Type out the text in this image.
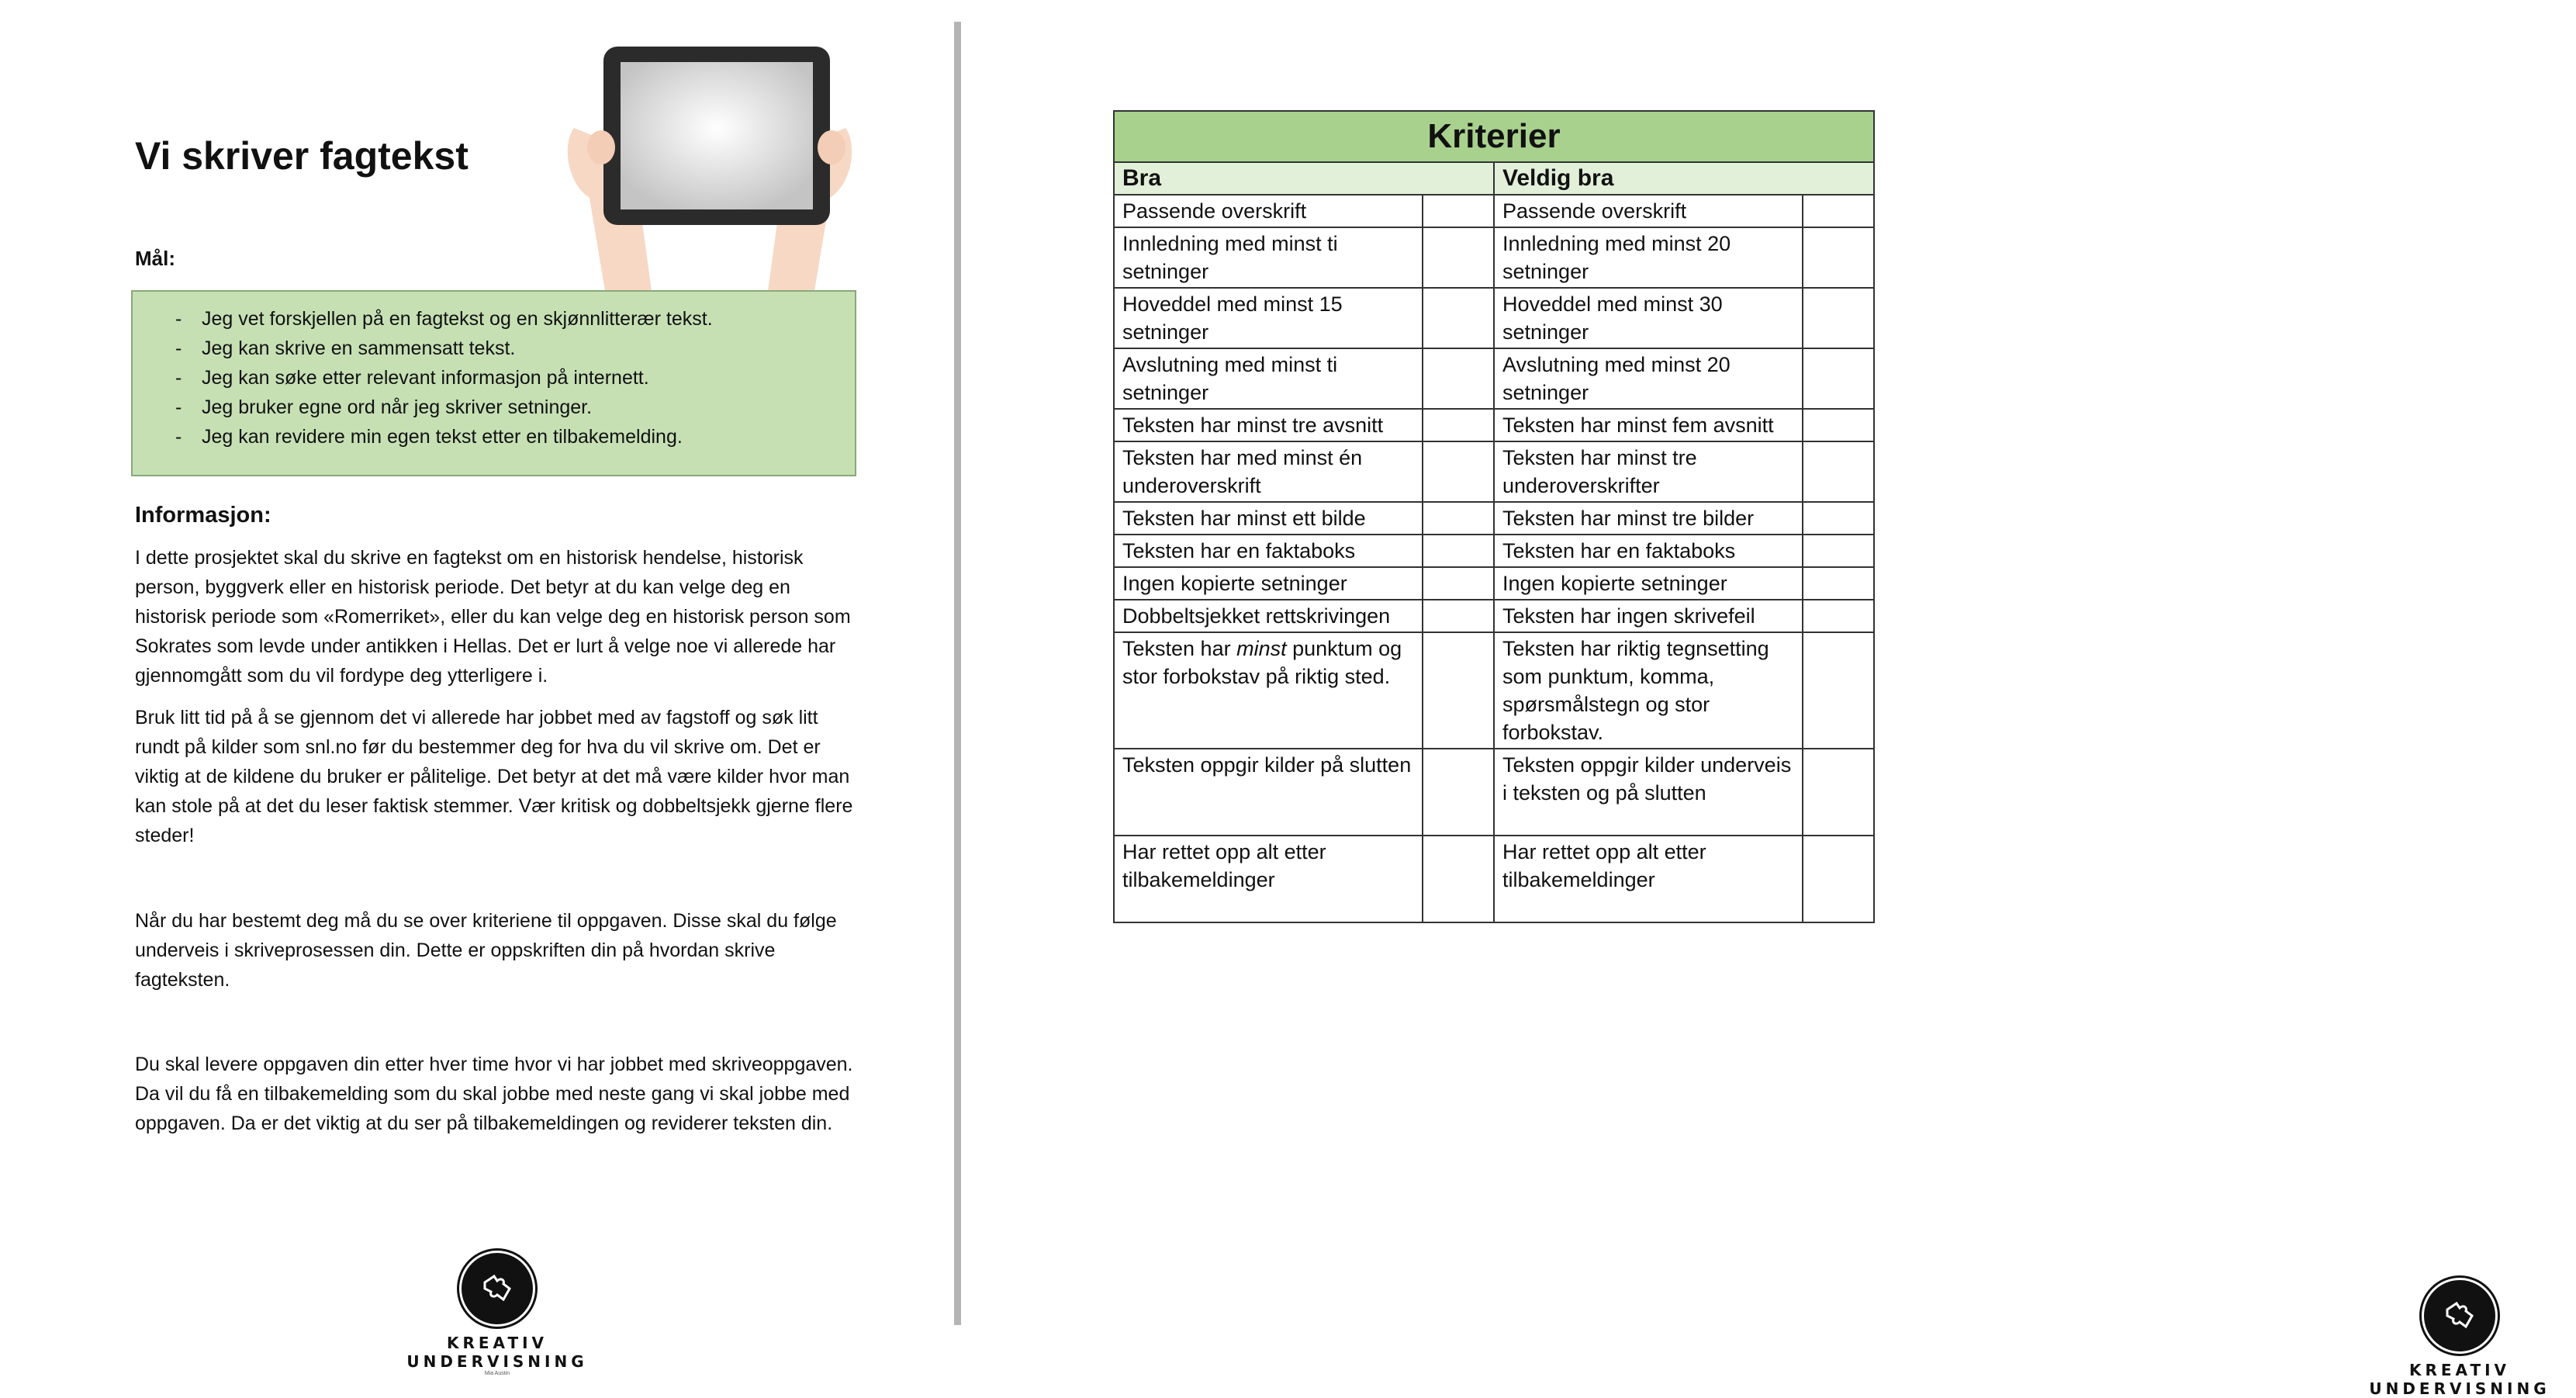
Vi skriver fagtekst
Mål:
- Jeg vet forskjellen på en fagtekst og en skjønnlitterær tekst.
- Jeg kan skrive en sammensatt tekst.
- Jeg kan søke etter relevant informasjon på internett.
- Jeg bruker egne ord når jeg skriver setninger.
- Jeg kan revidere min egen tekst etter en tilbakemelding.
Informasjon:

I dette prosjektet skal du skrive en fagtekst om en historisk hendelse, historisk person, byggverk eller en historisk periode. Det betyr at du kan velge deg en historisk periode som «Romerriket», eller du kan velge deg en historisk person som Sokrates som levde under antikken i Hellas. Det er lurt å velge noe vi allerede har gjennomgått som du vil fordype deg ytterligere i.

Bruk litt tid på å se gjennom det vi allerede har jobbet med av fagstoff og søk litt rundt på kilder som snl.no før du bestemmer deg for hva du vil skrive om. Det er viktig at de kildene du bruker er pålitelige. Det betyr at det må være kilder hvor man kan stole på at det du leser faktisk stemmer. Vær kritisk og dobbeltsjekk gjerne flere steder!

Når du har bestemt deg må du se over kriteriene til oppgaven. Disse skal du følge underveis i skriveprosessen din. Dette er oppskriften din på hvordan skrive fagteksten.

Du skal levere oppgaven din etter hver time hvor vi har jobbet med skriveoppgaven. Da vil du få en tilbakemelding som du skal jobbe med neste gang vi skal jobbe med oppgaven. Da er det viktig at du ser på tilbakemeldingen og reviderer teksten din.

KREATIV UNDERVISNING
Mia Austin	KREATIV UNDERVISNING
Kriterier			
Bra		Veldig bra	
Passende overskrift		Passende overskrift	
Innledning med minst ti setninger		Innledning med minst 20 setninger	
Hoveddel med minst 15 setninger		Hoveddel med minst 30 setninger	
Avslutning med minst ti setninger		Avslutning med minst 20 setninger	
Teksten har minst tre avsnitt		Teksten har minst fem avsnitt	
Teksten har med minst én underoverskrift		Teksten har minst tre underoverskrifter	
Teksten har minst ett bilde		Teksten har minst tre bilder	
Teksten har en faktaboks		Teksten har en faktaboks	
Ingen kopierte setninger		Ingen kopierte setninger	
Dobbeltsjekket rettskrivingen		Teksten har ingen skrivefeil	
Teksten har minst punktum og stor forbokstav på riktig sted.		Teksten har riktig tegnsetting som punktum, komma, spørsmålstegn og stor forbokstav.	
Teksten oppgir kilder på slutten		Teksten oppgir kilder underveis i teksten og på slutten	
Har rettet opp alt etter tilbakemeldinger		Har rettet opp alt etter tilbakemeldinger	
